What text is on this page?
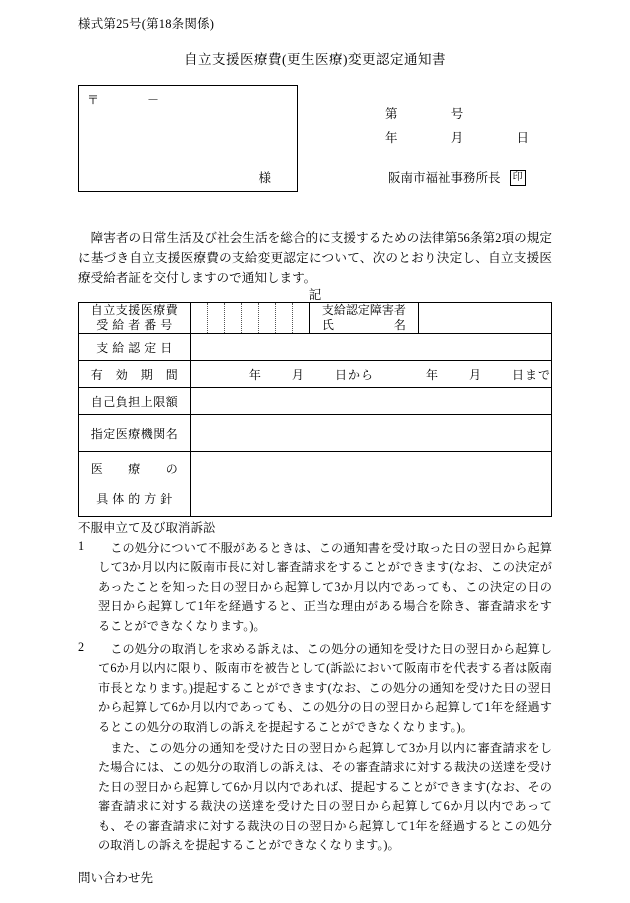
様式第25号(第18条関係)
自立支援医療費(更生医療)変更認定通知書
〒	－
様
第	号
年	月	日
阪南市福祉事務所長 印
障害者の日常生活及び社会生活を総合的に支援するための法律第56条第2項の規定に基づき自立支援医療費の支給変更認定について、次のとおり決定し、自立支援医療受給者証を交付しますので通知します。
記
自立支援医療費
受 給 者 番 号

支給認定障害者
氏　　　　　名

支 給 認 定 日			
有　効　期　間	年 月 日から 年 月 日まで		

自己負担上限額			
指定医療機関名			

医　　療　　の
具 体 的 方 針			

不服申立て及び取消訴訟
1	この処分について不服があるときは、この通知書を受け取った日の翌日から起算して3か月以内に阪南市長に対し審査請求をすることができます(なお、この決定があったことを知った日の翌日から起算して3か月以内であっても、この決定の日の翌日から起算して1年を経過すると、正当な理由がある場合を除き、審査請求をすることができなくなります。)。

2	この処分の取消しを求める訴えは、この処分の通知を受けた日の翌日から起算して6か月以内に限り、阪南市を被告として(訴訟において阪南市を代表する者は阪南市長となります。)提起することができます(なお、この処分の通知を受けた日の翌日から起算して6か月以内であっても、この処分の日の翌日から起算して1年を経過するとこの処分の取消しの訴えを提起することができなくなります。)。

また、この処分の通知を受けた日の翌日から起算して3か月以内に審査請求をした場合には、この処分の取消しの訴えは、その審査請求に対する裁決の送達を受けた日の翌日から起算して6か月以内であれば、提起することができます(なお、その審査請求に対する裁決の送達を受けた日の翌日から起算して6か月以内であっても、その審査請求に対する裁決の日の翌日から起算して1年を経過するとこの処分の取消しの訴えを提起することができなくなります。)。

問い合わせ先
